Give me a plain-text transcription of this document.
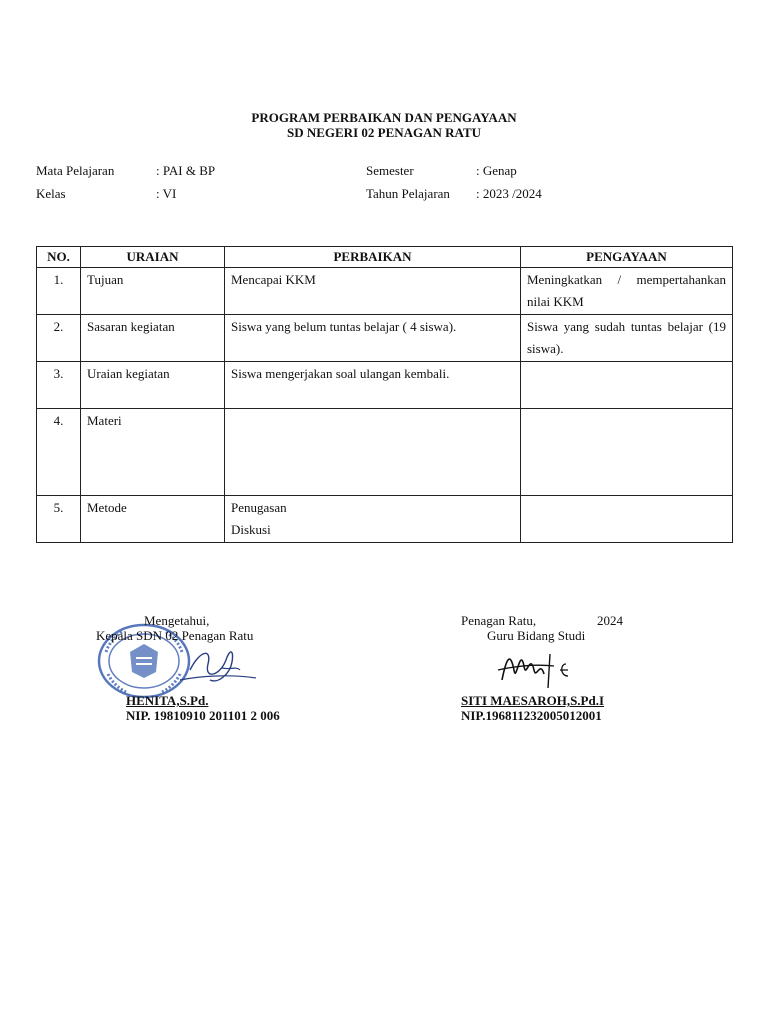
PROGRAM PERBAIKAN DAN PENGAYAAN
SD NEGERI 02 PENAGAN RATU
Mata Pelajaran	: PAI & BP
Kelas	: VI
Semester	: Genap
Tahun Pelajaran : 2023 /2024
NO.	URAIAN	PERBAIKAN	PENGAYAAN
1.	Tujuan	Mencapai KKM	Meningkatkan / mempertahankan nilai KKM
2.	Sasaran kegiatan	Siswa yang belum tuntas belajar ( 4 siswa).	Siswa yang sudah tuntas belajar (19 siswa).
3.	Uraian kegiatan	Siswa mengerjakan soal ulangan kembali.	
4.	Materi		
5.	Metode	Penugasan
Diskusi	

Mengetahui,
Kepala SDN 02 Penagan Ratu
HENITA,S.Pd.
NIP. 19810910 201101 2 006
Penagan Ratu,	2024
Guru Bidang Studi
SITI MAESAROH,S.Pd.I
NIP.196811232005012001
